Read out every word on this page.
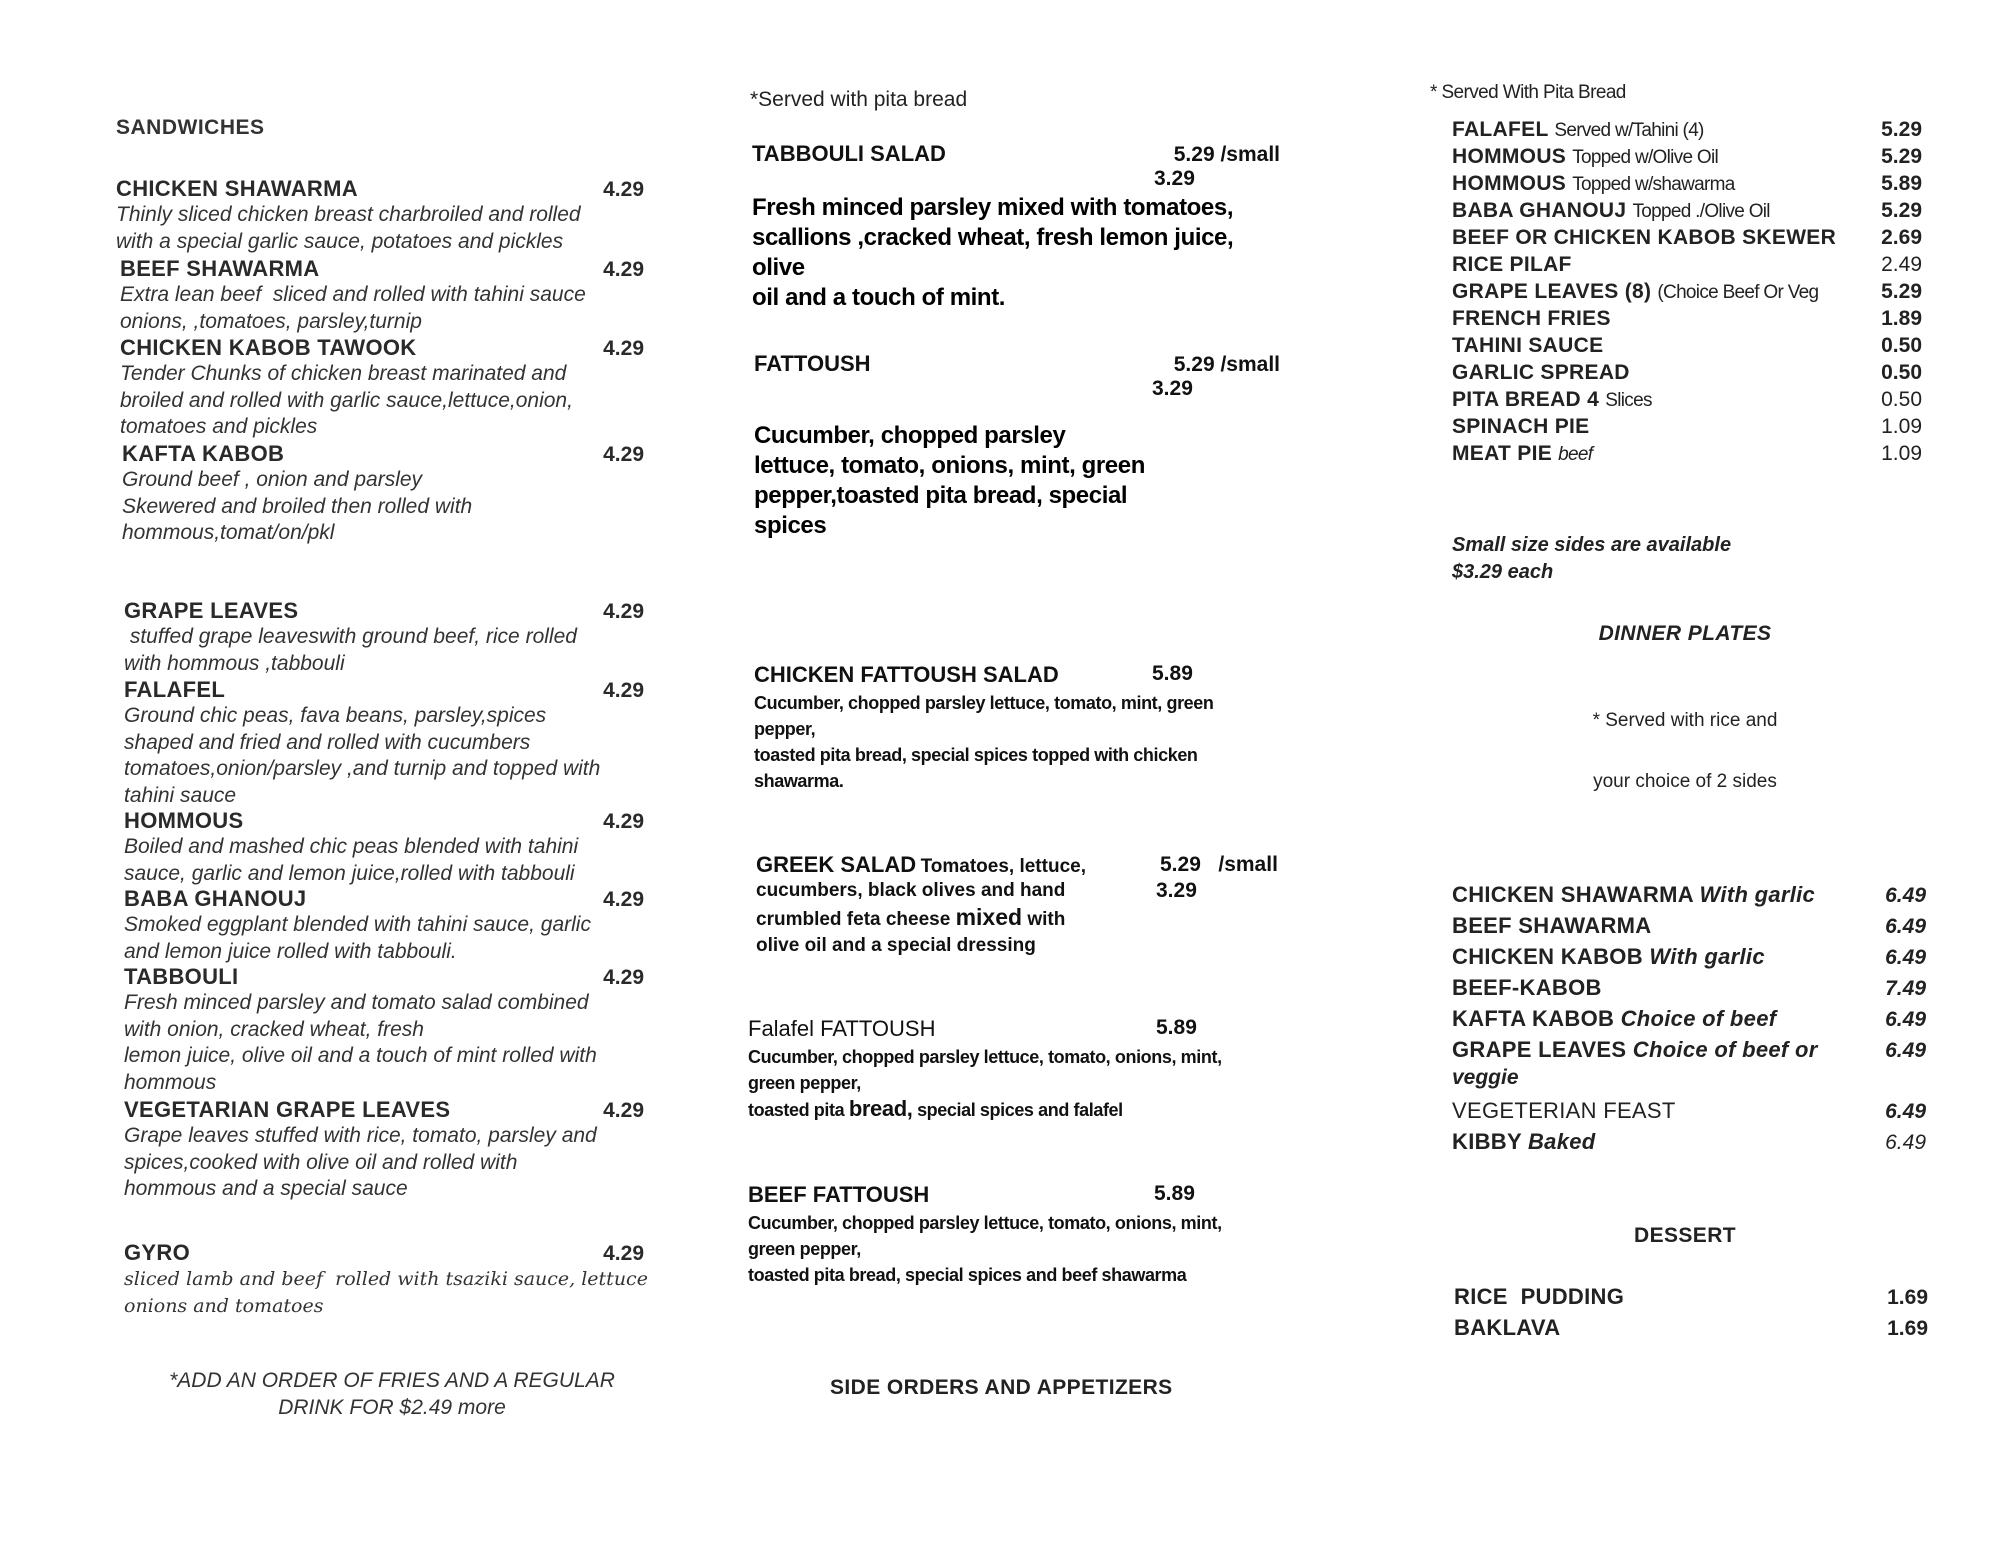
SANDWICHES
CHICKEN SHAWARMA	4.29
Thinly sliced chicken breast charbroiled and rolled
with a special garlic sauce, potatoes and pickles
BEEF SHAWARMA	4.29
Extra lean beef  sliced and rolled with tahini sauce
onions, ,tomatoes, parsley,turnip
CHICKEN KABOB TAWOOK	4.29
Tender Chunks of chicken breast marinated and
broiled and rolled with garlic sauce,lettuce,onion,
tomatoes and pickles
KAFTA KABOB	4.29
Ground beef , onion and parsley
Skewered and broiled then rolled with
hommous,tomat/on/pkl
GRAPE LEAVES	4.29
stuffed grape leaveswith ground beef, rice rolled
with hommous ,tabbouli
FALAFEL	4.29
Ground chic peas, fava beans, parsley,spices
shaped and fried and rolled with cucumbers
tomatoes,onion/parsley ,and turnip and topped with
tahini sauce
HOMMOUS	4.29
Boiled and mashed chic peas blended with tahini
sauce, garlic and lemon juice,rolled with tabbouli
BABA GHANOUJ	4.29
Smoked eggplant blended with tahini sauce, garlic
and lemon juice rolled with tabbouli.
TABBOULI	4.29
Fresh minced parsley and tomato salad combined
with onion, cracked wheat, fresh
lemon juice, olive oil and a touch of mint rolled with
hommous
VEGETARIAN GRAPE LEAVES	4.29
Grape leaves stuffed with rice, tomato, parsley and
spices,cooked with olive oil and rolled with
hommous and a special sauce
GYRO	4.29
sliced lamb and beef  rolled with tsaziki sauce, lettuce
onions and tomatoes
*ADD AN ORDER OF FRIES AND A REGULAR
DRINK FOR $2.49 more
*Served with pita bread
TABBOULI SALAD	5.29 /small
3.29
Fresh minced parsley mixed with tomatoes,
scallions ,cracked wheat, fresh lemon juice, olive
oil and a touch of mint.
FATTOUSH	5.29 /small
3.29
Cucumber, chopped parsley
lettuce, tomato, onions, mint, green
pepper,toasted pita bread, special
spices
CHICKEN FATTOUSH SALAD	5.89
Cucumber, chopped parsley lettuce, tomato, mint, green
pepper,
toasted pita bread, special spices topped with chicken
shawarma.
GREEK SALAD Tomatoes, lettuce,	5.29   /small
cucumbers, black olives and hand	3.29
crumbled feta cheese mixed with
olive oil and a special dressing
Falafel FATTOUSH	5.89
Cucumber, chopped parsley lettuce, tomato, onions, mint,
green pepper,
toasted pita bread, special spices and falafel
BEEF FATTOUSH	5.89
Cucumber, chopped parsley lettuce, tomato, onions, mint,
green pepper,
toasted pita bread, special spices and beef shawarma
SIDE ORDERS AND APPETIZERS
* Served With Pita Bread
FALAFEL Served w/Tahini (4)	5.29
HOMMOUS Topped w/Olive Oil	5.29
HOMMOUS Topped w/shawarma	5.89
BABA GHANOUJ Topped ./Olive Oil	5.29
BEEF OR CHICKEN KABOB SKEWER 2.69
RICE PILAF	2.49
GRAPE LEAVES (8) (Choice Beef Or Veg	5.29
FRENCH FRIES	1.89
TAHINI SAUCE	0.50
GARLIC SPREAD	0.50
PITA BREAD 4 Slices	0.50
SPINACH PIE	1.09
MEAT PIE beef	1.09
Small size sides are available
$3.29 each
DINNER PLATES
* Served with rice and
your choice of 2 sides
CHICKEN SHAWARMA With garlic	6.49
BEEF SHAWARMA	6.49
CHICKEN KABOB With garlic	6.49
BEEF-KABOB	7.49
KAFTA KABOB Choice of beef	6.49
GRAPE LEAVES Choice of beef or	6.49
veggie
VEGETERIAN FEAST	6.49
KIBBY Baked	6.49
DESSERT
RICE  PUDDING	1.69
BAKLAVA	1.69
